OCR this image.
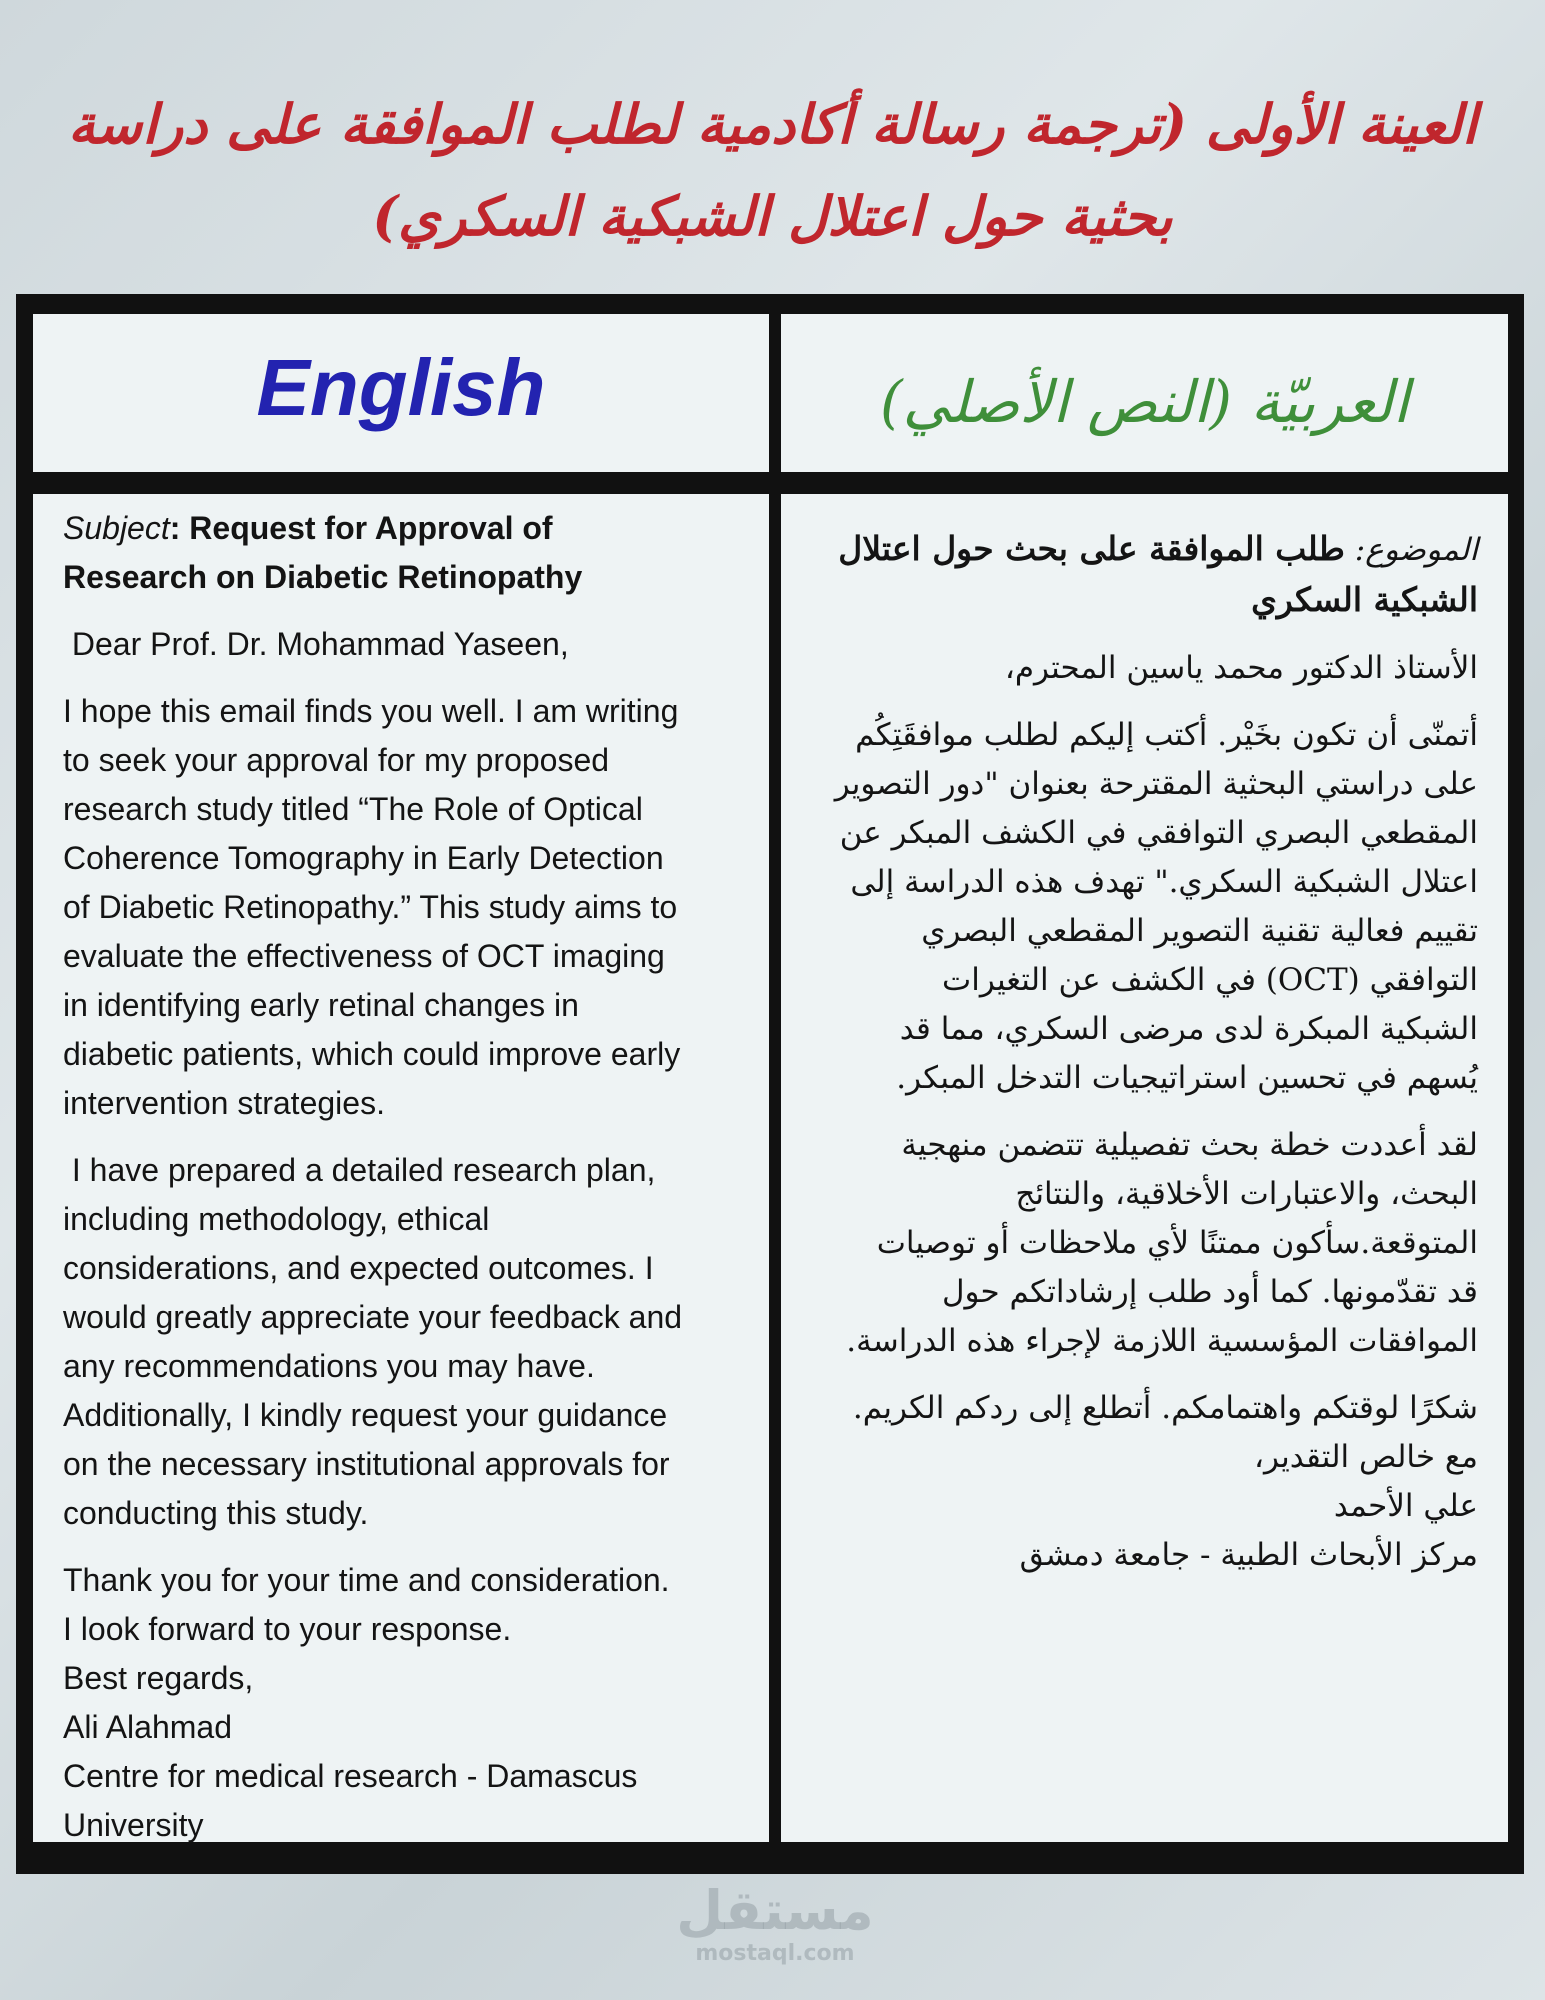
العينة الأولى (ترجمة رسالة أكادمية لطلب الموافقة على دراسة
بحثية حول اعتلال الشبكية السكري)
English	العربيّة (النص الأصلي)

Subject: Request for Approval of
Research on Diabetic Retinopathy

Dear Prof. Dr. Mohammad Yaseen,

I hope this email finds you well. I am writing
to seek your approval for my proposed
research study titled “The Role of Optical
Coherence Tomography in Early Detection
of Diabetic Retinopathy.” This study aims to
evaluate the effectiveness of OCT imaging
in identifying early retinal changes in
diabetic patients, which could improve early
intervention strategies.

I have prepared a detailed research plan,
including methodology, ethical
considerations, and expected outcomes. I
would greatly appreciate your feedback and
any recommendations you may have.
Additionally, I kindly request your guidance
on the necessary institutional approvals for
conducting this study.

Thank you for your time and consideration.
I look forward to your response.
Best regards,
Ali Alahmad
Centre for medical research - Damascus
University

الموضوع: طلب الموافقة على بحث حول اعتلال
الشبكية السكري

الأستاذ الدكتور محمد ياسين المحترم،

أتمنّى أن تكون بخَيْر. أكتب إليكم لطلب موافقَتِكُم
على دراستي البحثية المقترحة بعنوان "دور التصوير
المقطعي البصري التوافقي في الكشف المبكر عن
اعتلال الشبكية السكري." تهدف هذه الدراسة إلى
تقييم فعالية تقنية التصوير المقطعي البصري
التوافقي (OCT) في الكشف عن التغيرات
الشبكية المبكرة لدى مرضى السكري، مما قد
يُسهم في تحسين استراتيجيات التدخل المبكر.

لقد أعددت خطة بحث تفصيلية تتضمن منهجية
البحث، والاعتبارات الأخلاقية، والنتائج
المتوقعة.سأكون ممتنًا لأي ملاحظات أو توصيات
قد تقدّمونها. كما أود طلب إرشاداتكم حول
الموافقات المؤسسية اللازمة لإجراء هذه الدراسة.

شكرًا لوقتكم واهتمامكم. أتطلع إلى ردكم الكريم.
مع خالص التقدير،
علي الأحمد
مركز الأبحاث الطبية - جامعة دمشق

مستقل
mostaql.com
